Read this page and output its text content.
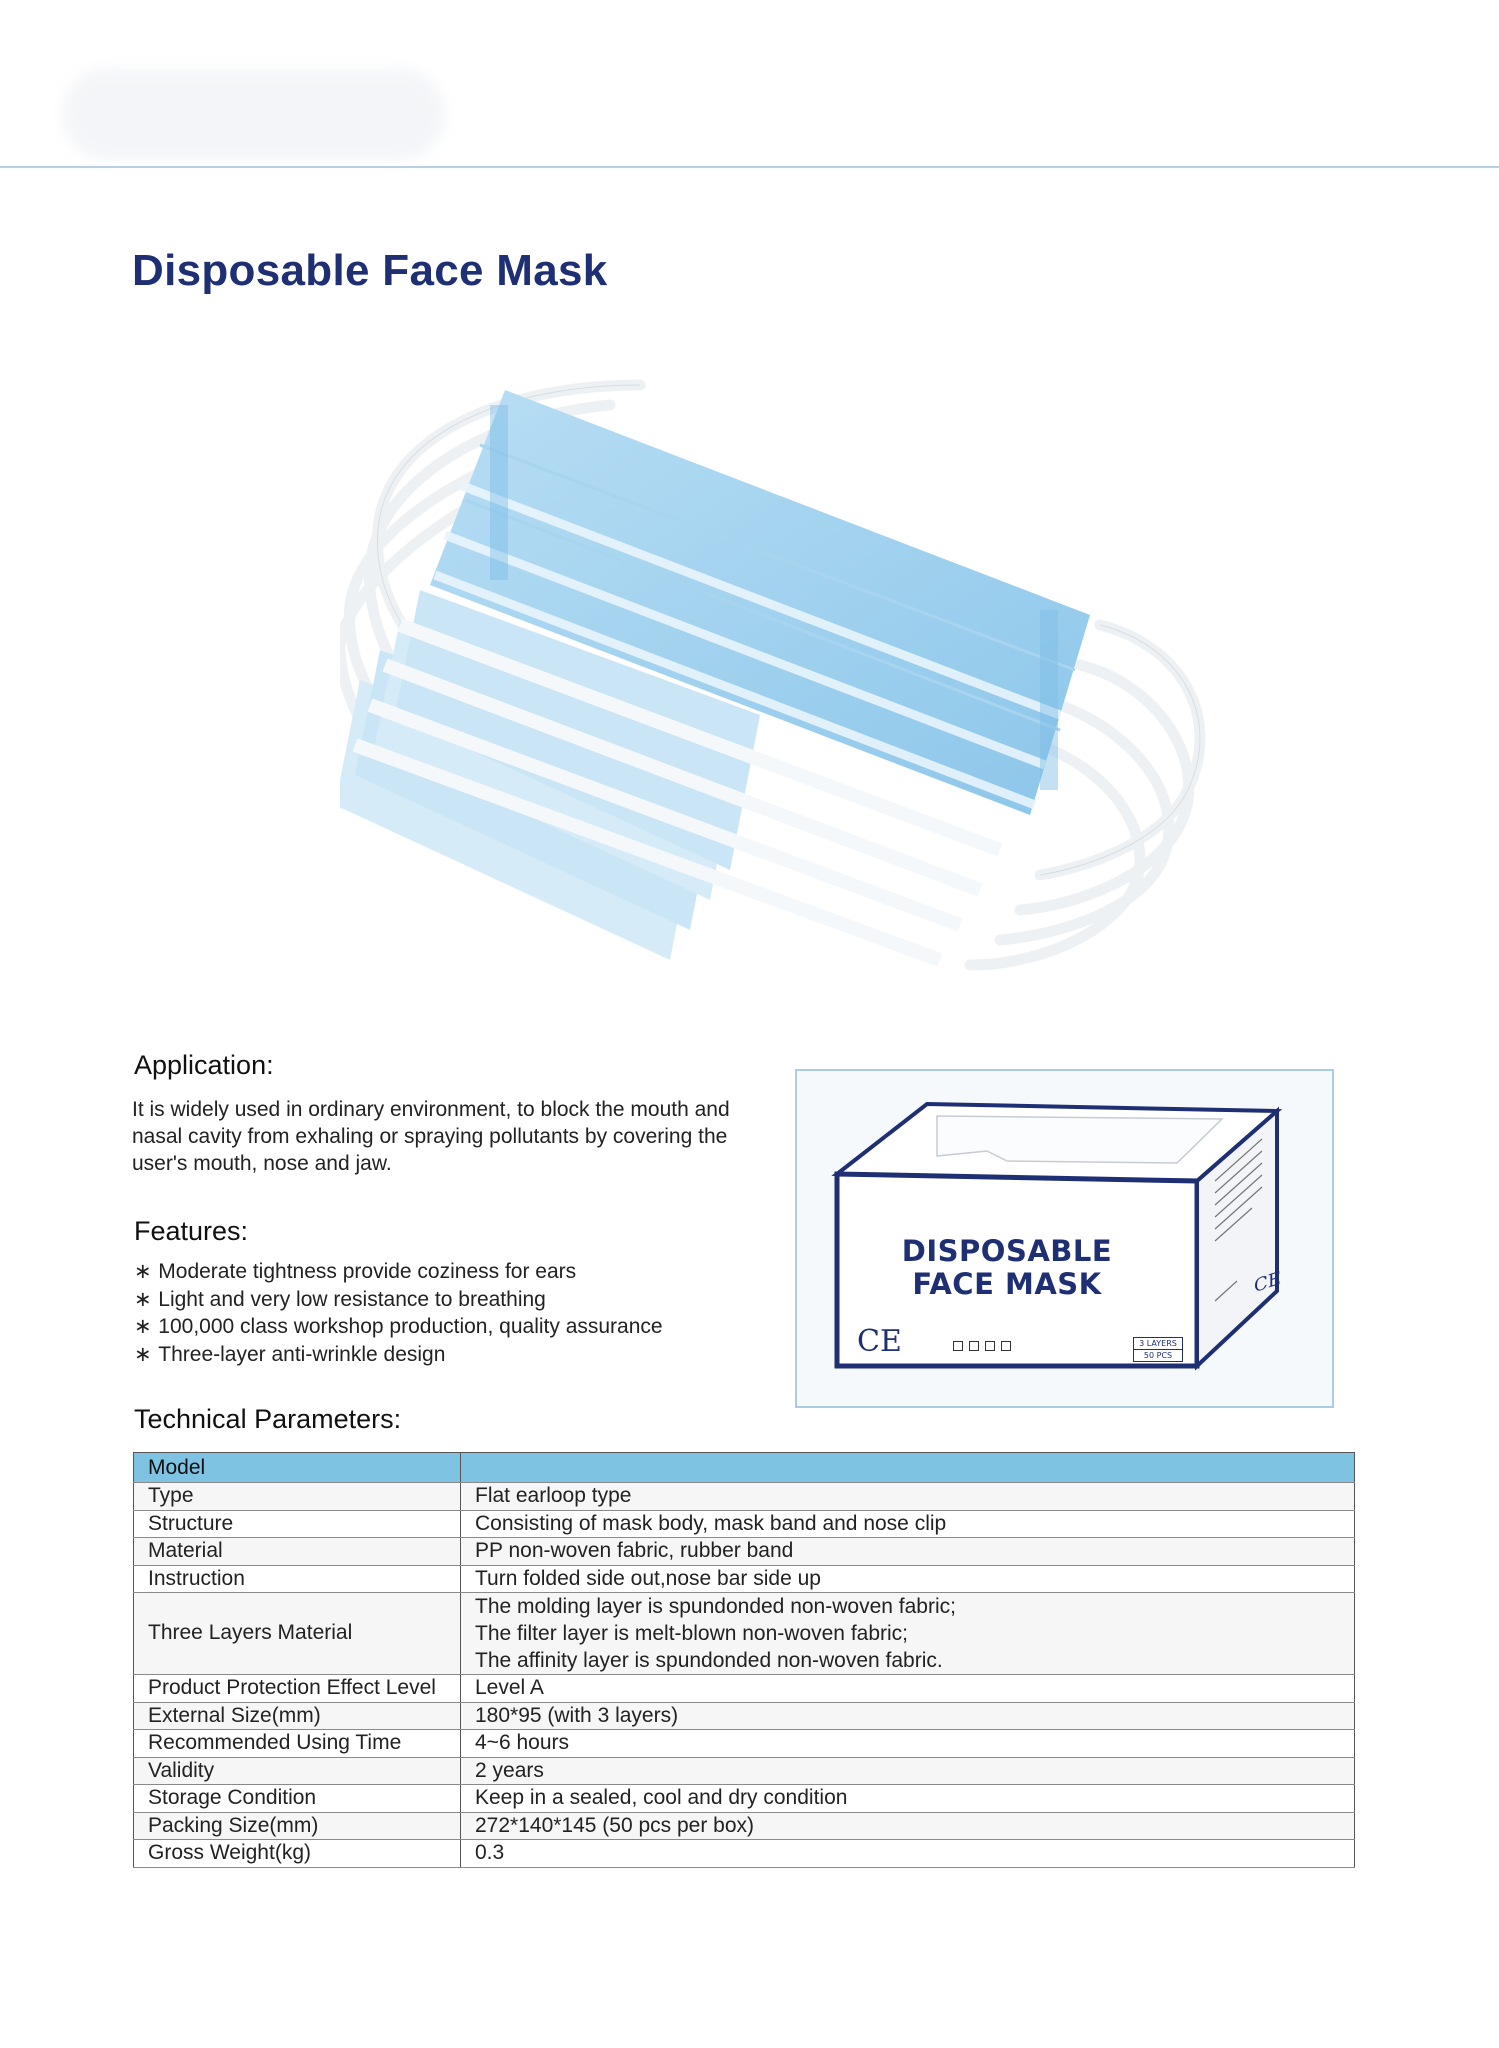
Disposable Face Mask
Application:

It is widely used in ordinary environment, to block the mouth and
nasal cavity from exhaling or spraying pollutants by covering the
user's mouth, nose and jaw.

Features:
∗ Moderate tightness provide coziness for ears
∗ Light and very low resistance to breathing
∗ 100,000 class workshop production, quality assurance
∗ Three-layer anti-wrinkle design
DISPOSABLE
FACE MASK
CE
CE
3 LAYERS
50 PCS
Technical Parameters:
Model	
Type	Flat earloop type
Structure	Consisting of mask body, mask band and nose clip
Material	PP non-woven fabric, rubber band
Instruction	Turn folded side out,nose bar side up
Three Layers Material	The molding layer is spundonded non-woven fabric;
The filter layer is melt-blown non-woven fabric;
The affinity layer is spundonded non-woven fabric.

Product Protection Effect Level	Level A
External Size(mm)	180*95 (with 3 layers)
Recommended Using Time	4~6 hours
Validity	2 years
Storage Condition	Keep in a sealed, cool and dry condition
Packing Size(mm)	272*140*145 (50 pcs per box)
Gross Weight(kg)	0.3
